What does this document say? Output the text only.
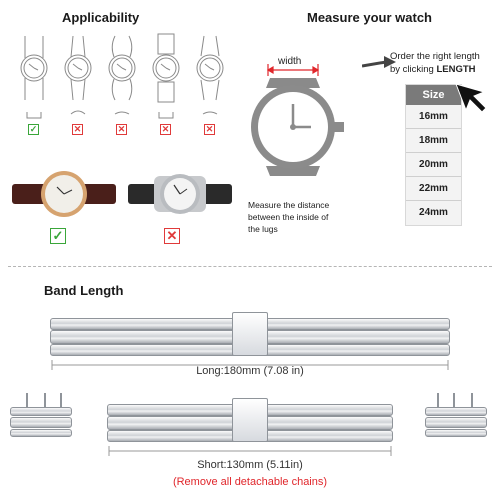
Applicability
✓	✕	✕	✕	✕
✓	✕
Measure your watch
width
Measure the distance
between the inside of
the lugs
Order the right length
by clicking LENGTH
Size
16mm
18mm
20mm
22mm
24mm
Band Length
Long:180mm (7.08 in)
Short:130mm (5.11in)
(Remove all detachable chains)
